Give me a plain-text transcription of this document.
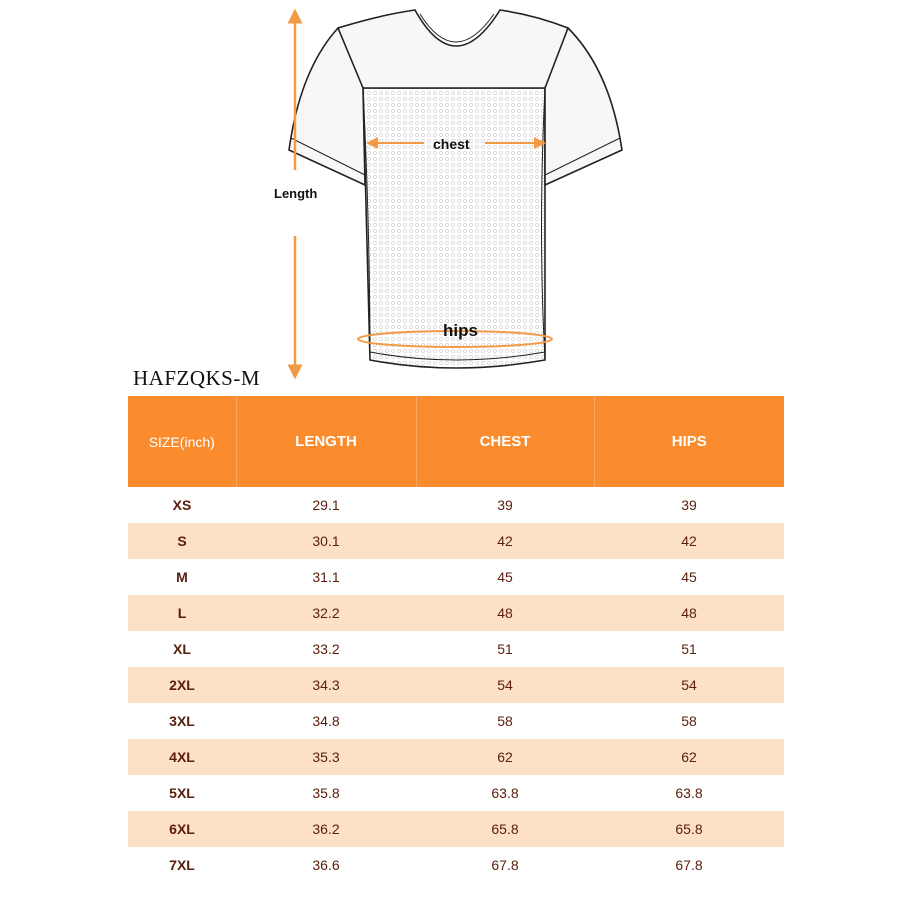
Length
chest
hips
HAFZQKS-M
SIZE(inch)	LENGTH	CHEST	HIPS
XS	29.1	39	39
S	30.1	42	42
M	31.1	45	45
L	32.2	48	48
XL	33.2	51	51
2XL	34.3	54	54
3XL	34.8	58	58
4XL	35.3	62	62
5XL	35.8	63.8	63.8
6XL	36.2	65.8	65.8
7XL	36.6	67.8	67.8
